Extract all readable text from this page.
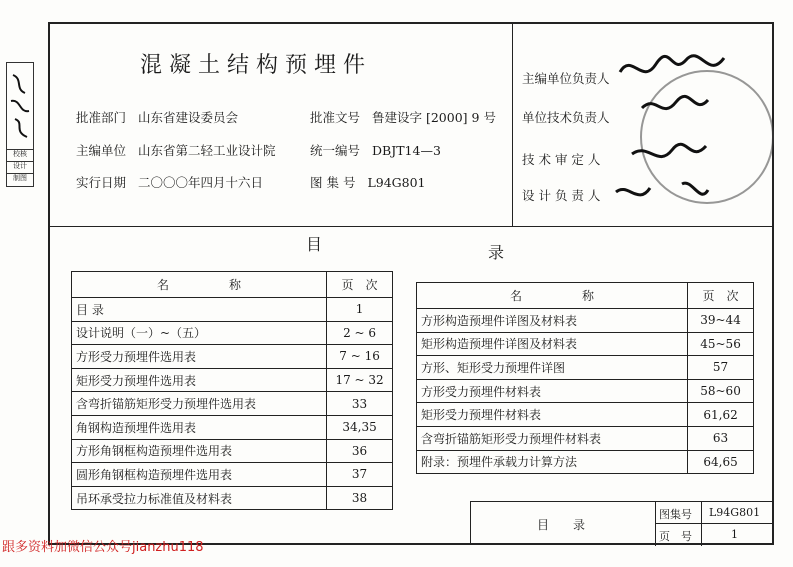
校核
设计
制图
混凝土结构预埋件
批准部门 山东省建设委员会	批准文号 鲁建设字 [2000] 9 号
主编单位 山东省第二轻工业设计院	统一编号 DBJT14—3
实行日期 二〇〇〇年四月十六日	图 集 号 L94G801
主编单位负责人
单位技术负责人
技 术 审 定 人
设 计 负 责 人
目	录
名　　　　　称	页　次
目 录	1
设计说明（一）~（五）	2 ~ 6
方形受力预埋件选用表	7 ~ 16
矩形受力预埋件选用表	17 ~ 32
含弯折锚筋矩形受力预埋件选用表	33
角钢构造预埋件选用表	34,35
方形角钢框构造预埋件选用表	36
圆形角钢框构造预埋件选用表	37
吊环承受拉力标准值及材料表	38
名　　　　　称	页　次
方形构造预埋件详图及材料表	39~44
矩形构造预埋件详图及材料表	45~56
方形、矩形受力预埋件详图	57
方形受力预埋件材料表	58~60
矩形受力预埋件材料表	61,62
含弯折锚筋矩形受力预埋件材料表	63
附录：预埋件承载力计算方法	64,65
目　　录
图集号 L94G801
页　号	1
跟多资料加微信公众号jianzhu118
